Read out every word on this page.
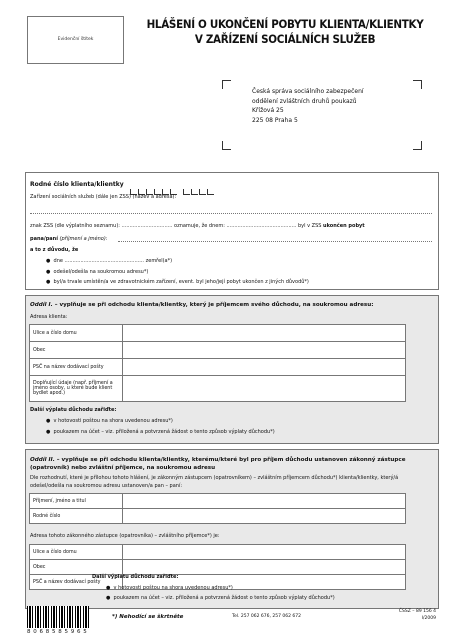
Evidenční štítek
HLÁŠENÍ O UKONČENÍ POBYTU KLIENTA/KLIENTKY
V ZAŘÍZENÍ SOCIÁLNÍCH SLUŽEB
Česká správa sociálního zabezpečení
oddělení zvláštních druhů poukazů
Křížová 25
225 08 Praha 5
Rodné číslo klienta/klientky

Zařízení sociálních služeb (dále jen ZSS) (název a adresa):
znak ZSS (dle výplatního seznamu): ................................ oznamuje, že dnem: ............................................ byl v ZSS ukončen pobyt
pana/paní (příjmení a jméno):
a to z důvodu, že
●  dne .................................................. zemřel(a*)
●  odešel/odešla na soukromou adresu*)
●  byl/a trvale umístěn/a ve zdravotnickém zařízení, event. byl jeho/její pobyt ukončen z jiných důvodů*)
Oddíl I. – vyplňuje se při odchodu klienta/klientky, který je příjemcem svého důchodu, na soukromou adresu:
Adresa klienta:
Ulice a číslo domu	
Obec	
PSČ na název dodávací pošty	
Doplňující údaje (např. příjmení a jméno osoby, u které bude klient bydlet apod.)	
Další výplatu důchodu zařiďte:
●  v hotovosti poštou na shora uvedenou adresu*)
●  poukazem na účet – viz. přiložená a potvrzená žádost o tento způsob výplaty důchodu*)
Oddíl II. – vyplňuje se při odchodu klienta/klientky, kterému/které byl pro příjem důchodu ustanoven zákonný zástupce (opatrovník) nebo zvláštní příjemce, na soukromou adresu
Dle rozhodnutí, které je přílohou tohoto hlášení, je zákonným zástupcem (opatrovníkem) – zvláštním příjemcem důchodu*) klienta/klientky, který/á odešel/odešla na soukromou adresu ustanoven/a pan – paní:
Příjmení, jméno a titul	
Rodné číslo	
Adresa tohoto zákonného zástupce (opatrovníka) – zvláštního příjemce*) je:
Ulice a číslo domu	
Obec	
PSČ a název dodávací pošty	
Další výplatu důchodu zařiďte:
●  v hotovosti poštou na shora uvedenou adresu*)
●  poukazem na účet – viz. přiložená a potvrzená žádost o tento způsob výplaty důchodu*)
8 0 6 8 5 8 5 9 6 5
*) Nehodící se škrtněte	Tel. 257 062 676, 257 062 672
ČSSZ – 89 156 4
I/2009
